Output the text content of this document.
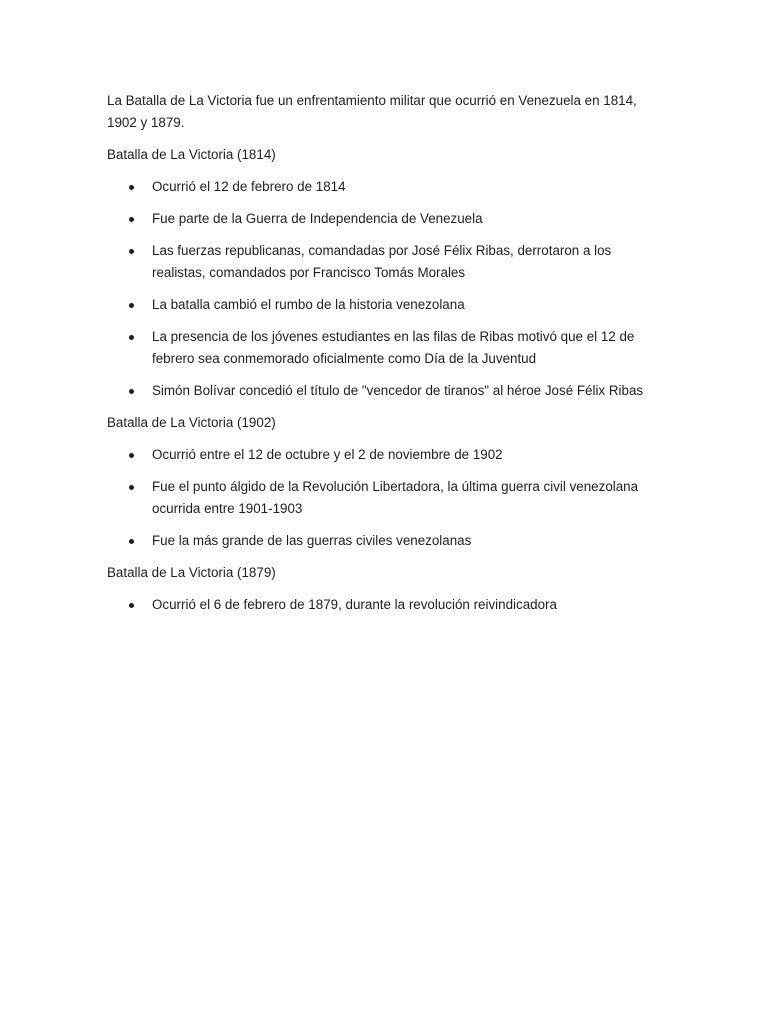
La Batalla de La Victoria fue un enfrentamiento militar que ocurrió en Venezuela en 1814, 1902 y 1879.

Batalla de La Victoria (1814)

Ocurrió el 12 de febrero de 1814
Fue parte de la Guerra de Independencia de Venezuela
Las fuerzas republicanas, comandadas por José Félix Ribas, derrotaron a los realistas, comandados por Francisco Tomás Morales
La batalla cambió el rumbo de la historia venezolana
La presencia de los jóvenes estudiantes en las filas de Ribas motivó que el 12 de febrero sea conmemorado oficialmente como Día de la Juventud
Simón Bolívar concedió el título de "vencedor de tiranos" al héroe José Félix Ribas

Batalla de La Victoria (1902)

Ocurrió entre el 12 de octubre y el 2 de noviembre de 1902
Fue el punto álgido de la Revolución Libertadora, la última guerra civil venezolana ocurrida entre 1901-1903
Fue la más grande de las guerras civiles venezolanas

Batalla de La Victoria (1879)

Ocurrió el 6 de febrero de 1879, durante la revolución reivindicadora
